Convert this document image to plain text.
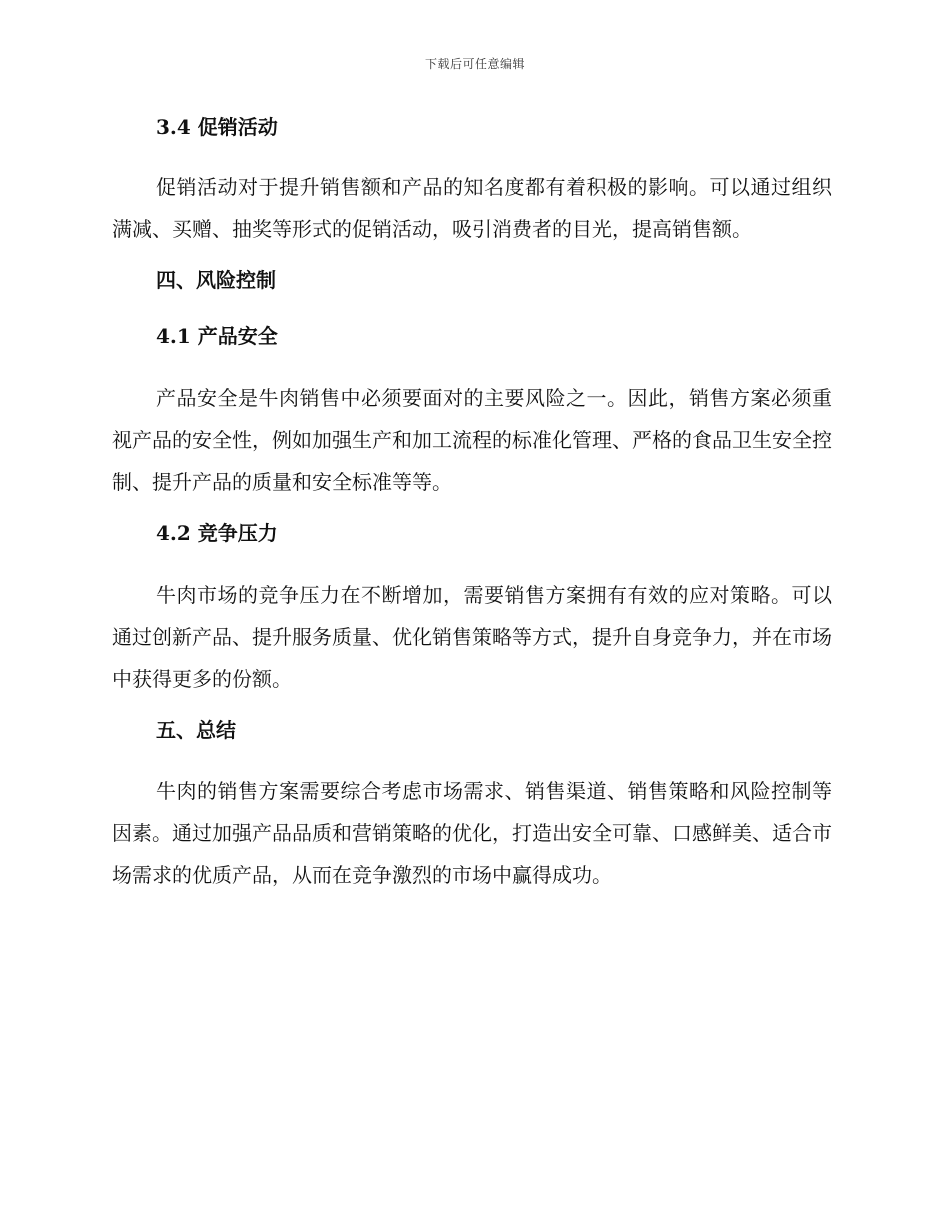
下载后可任意编辑
3.4 促销活动

促销活动对于提升销售额和产品的知名度都有着积极的影响。可以通过组织满减、买赠、抽奖等形式的促销活动，吸引消费者的目光，提高销售额。

四、风险控制
4.1 产品安全

产品安全是牛肉销售中必须要面对的主要风险之一。因此，销售方案必须重视产品的安全性，例如加强生产和加工流程的标准化管理、严格的食品卫生安全控制、提升产品的质量和安全标准等等。

4.2 竞争压力

牛肉市场的竞争压力在不断增加，需要销售方案拥有有效的应对策略。可以通过创新产品、提升服务质量、优化销售策略等方式，提升自身竞争力，并在市场中获得更多的份额。

五、总结

牛肉的销售方案需要综合考虑市场需求、销售渠道、销售策略和风险控制等因素。通过加强产品品质和营销策略的优化，打造出安全可靠、口感鲜美、适合市场需求的优质产品，从而在竞争激烈的市场中赢得成功。
